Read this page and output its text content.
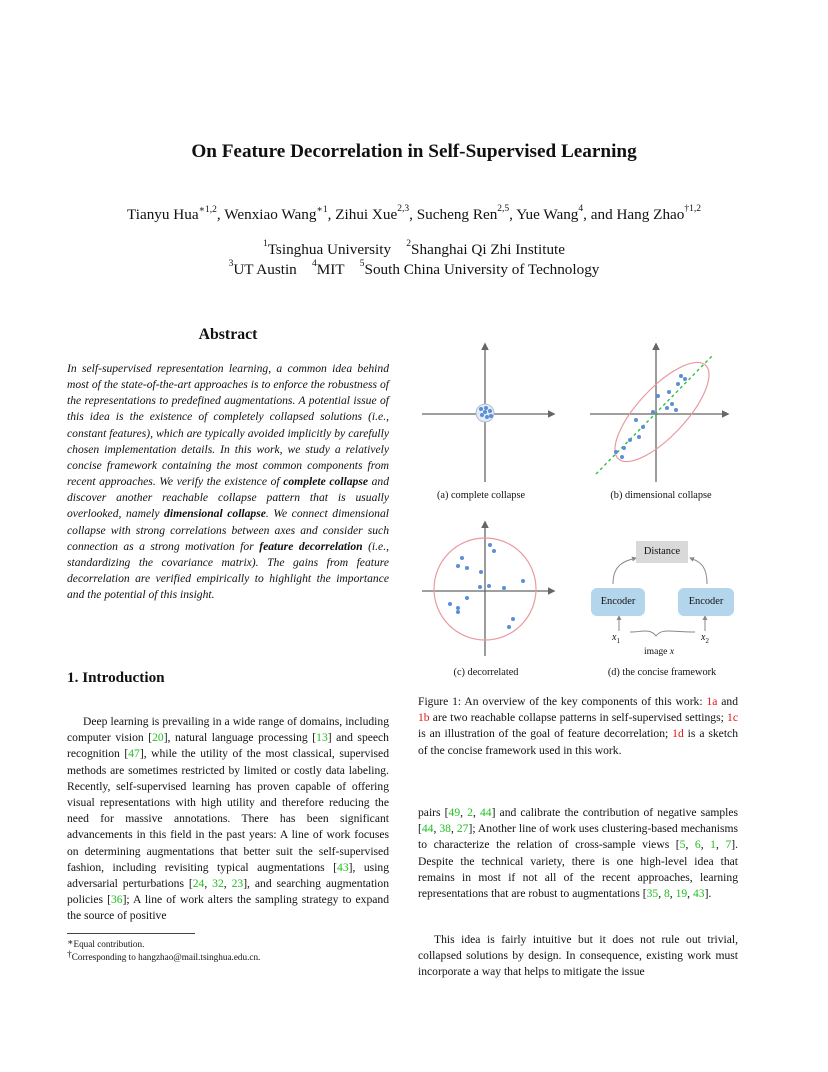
On Feature Decorrelation in Self-Supervised Learning
Tianyu Hua$^{∗1,2}$, Wenxiao Wang$^{∗1}$, Zihui Xue$^{2,3}$, Sucheng Ren$^{2,5}$, Yue Wang$^4$, and Hang Zhao$^{\dagger 1,2}$
$^1$Tsinghua University   $^2$Shanghai Qi Zhi Institute
$^3$UT Austin   $^4$MIT   $^5$South China University of Technology
Abstract
In self-supervised representation learning, a common idea behind most of the state-of-the-art approaches is to enforce the robustness of the representations to predefined augmentations. A potential issue of this idea is the existence of completely collapsed solutions (i.e., constant features), which are typically avoided implicitly by carefully chosen implementation details. In this work, we study a relatively concise framework containing the most common components from recent approaches. We verify the existence of complete collapse and discover another reachable collapse pattern that is usually overlooked, namely dimensional collapse. We connect dimensional collapse with strong correlations between axes and consider such connection as a strong motivation for feature decorrelation (i.e., standardizing the covariance matrix). The gains from feature decorrelation are verified empirically to highlight the importance and the potential of this insight.
1. Introduction
Deep learning is prevailing in a wide range of domains, including computer vision [20], natural language processing [13] and speech recognition [47], while the utility of the most classical, supervised methods are sometimes restricted by limited or costly data labeling. Recently, self-supervised learning has proven capable of offering visual representations with high utility and therefore reducing the need for massive annotations. There has been significant advancements in this field in the past years: A line of work focuses on determining augmentations that better suit the self-supervised fashion, including revisiting typical augmentations [43], using adversarial perturbations [24, 32, 23], and searching augmentation policies [36]; A line of work alters the sampling strategy to expand the source of positive
∗Equal contribution.
†Corresponding to hangzhao@mail.tsinghua.edu.cn.
Distance
Encoder	Encoder
$x_1$	$x_2$
image x
(a) complete collapse	(b) dimensional collapse
(c) decorrelated	(d) the concise framework
Figure 1: An overview of the key components of this work: 1a and 1b are two reachable collapse patterns in self-supervised settings; 1c is an illustration of the goal of feature decorrelation; 1d is a sketch of the concise framework used in this work.
pairs [49, 2, 44] and calibrate the contribution of negative samples [44, 38, 27]; Another line of work uses clustering-based mechanisms to characterize the relation of cross-sample views [5, 6, 1, 7]. Despite the technical variety, there is one high-level idea that remains in most if not all of the recent approaches, learning representations that are robust to augmentations [35, 8, 19, 43].
This idea is fairly intuitive but it does not rule out trivial, collapsed solutions by design. In consequence, existing work must incorporate a way that helps to mitigate the issue
